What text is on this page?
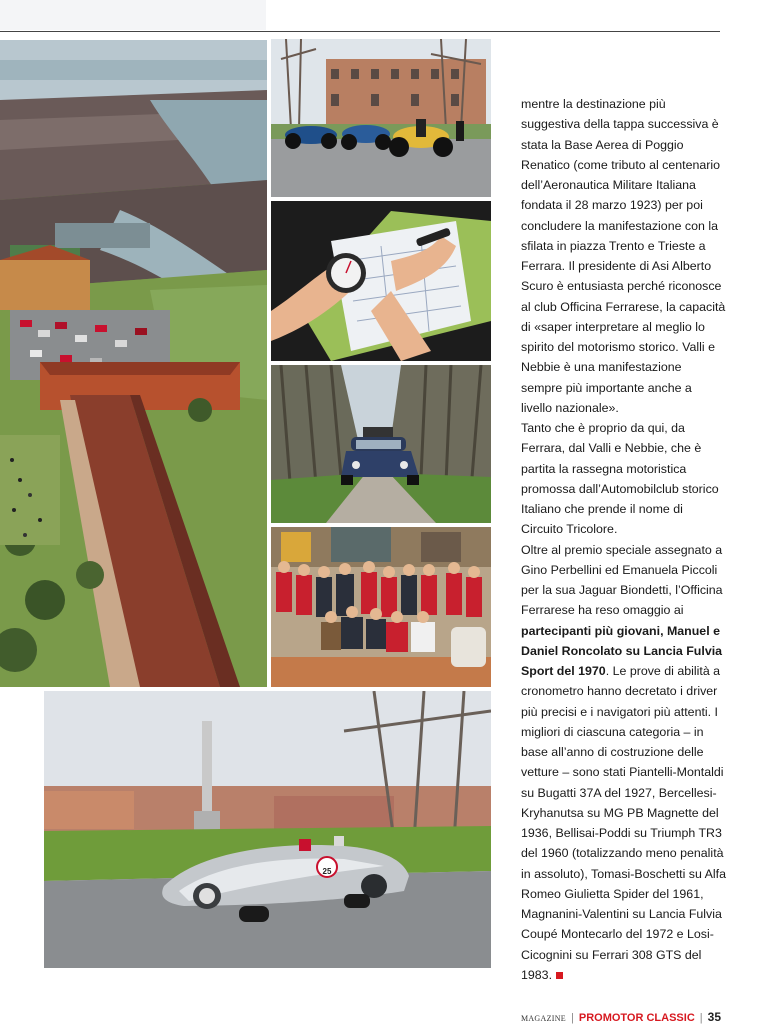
25

mentre la destinazione più suggestiva della tappa successiva è stata la Base Aerea di Poggio Renatico (come tributo al centenario dell’Aeronautica Militare Italiana fondata il 28 marzo 1923) per poi concludere la manifestazione con la sfilata in piazza Trento e Trieste a Ferrara. Il presidente di Asi Alberto Scuro è entusiasta perché riconosce al club Officina Ferrarese, la capacità di «saper interpretare al meglio lo spirito del motorismo storico. Valli e Nebbie è una manifestazione sempre più importante anche a livello nazionale».

Tanto che è proprio da qui, da Ferrara, dal Valli e Nebbie, che è partita la rassegna motoristica promossa dall’Automobilclub storico Italiano che prende il nome di Circuito Tricolore.

Oltre al premio speciale assegnato a Gino Perbellini ed Emanuela Piccoli per la sua Jaguar Biondetti, l’Officina Ferrarese ha reso omaggio ai partecipanti più giovani, Manuel e Daniel Roncolato su Lancia Fulvia Sport del 1970. Le prove di abilità a cronometro hanno decretato i driver più precisi e i navigatori più attenti. I migliori di ciascuna categoria – in base all’anno di costruzione delle vetture – sono stati Piantelli-Montaldi su Bugatti 37A del 1927, Bercellesi-Kryhanutsa su MG PB Magnette del 1936, Bellisai-Poddi su Triumph TR3 del 1960 (totalizzando meno penalità in assoluto), Tomasi-Boschetti su Alfa Romeo Giulietta Spider del 1961, Magnanini-Valentini su Lancia Fulvia Coupé Montecarlo del 1972 e Losi-Cicognini su Ferrari 308 GTS del 1983.

MAGAZINE | PROMOTOR CLASSIC | 35
